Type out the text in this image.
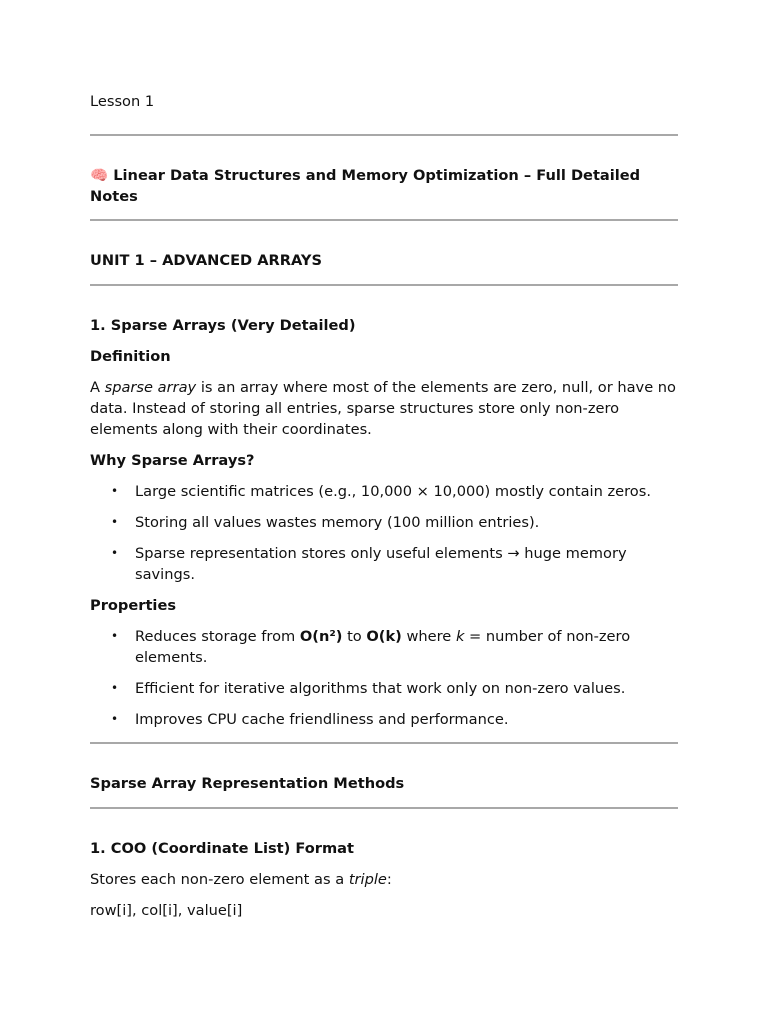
Lesson 1

🧠 Linear Data Structures and Memory Optimization – Full Detailed Notes

UNIT 1 – ADVANCED ARRAYS

1. Sparse Arrays (Very Detailed)

Definition

A sparse array is an array where most of the elements are zero, null, or have no data. Instead of storing all entries, sparse structures store only non-zero elements along with their coordinates.

Why Sparse Arrays?

• Large scientific matrices (e.g., 10,000 × 10,000) mostly contain zeros.
• Storing all values wastes memory (100 million entries).
• Sparse representation stores only useful elements → huge memory savings.

Properties

• Reduces storage from O(n²) to O(k) where k = number of non-zero elements.
• Efficient for iterative algorithms that work only on non-zero values.
• Improves CPU cache friendliness and performance.

Sparse Array Representation Methods

1. COO (Coordinate List) Format

Stores each non-zero element as a triple:

row[i], col[i], value[i]
